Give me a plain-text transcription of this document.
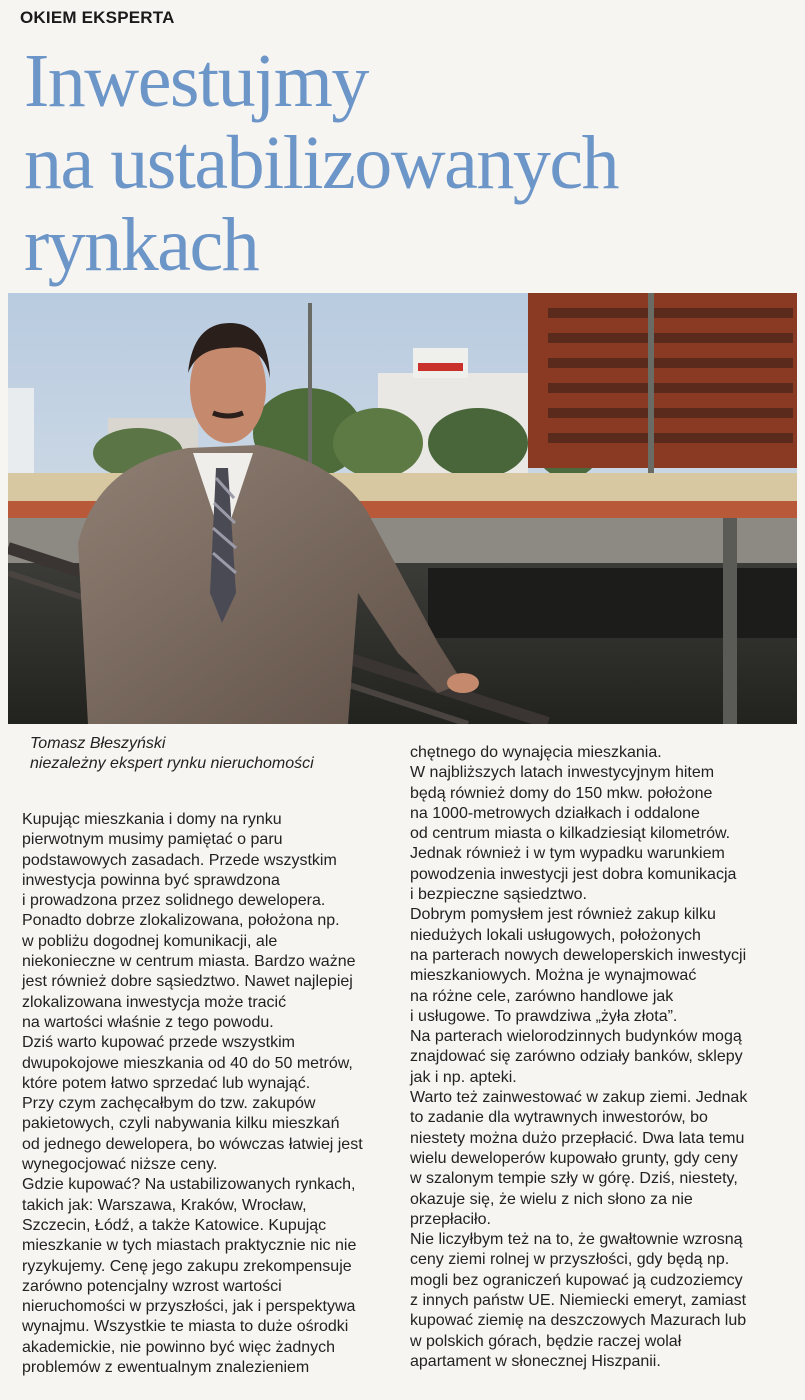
OKIEM EKSPERTA
Inwestujmy
na ustabilizowanych
rynkach
Tomasz Błeszyński
niezależny ekspert rynku nieruchomości
Kupując mieszkania i domy na rynku
pierwotnym musimy pamiętać o paru
podstawowych zasadach. Przede wszystkim
inwestycja powinna być sprawdzona
i prowadzona przez solidnego dewelopera.
Ponadto dobrze zlokalizowana, położona np.
w pobliżu dogodnej komunikacji, ale
niekonieczne w centrum miasta. Bardzo ważne
jest również dobre sąsiedztwo. Nawet najlepiej
zlokalizowana inwestycja może tracić
na wartości właśnie z tego powodu.
Dziś warto kupować przede wszystkim
dwupokojowe mieszkania od 40 do 50 metrów,
które potem łatwo sprzedać lub wynająć.
Przy czym zachęcałbym do tzw. zakupów
pakietowych, czyli nabywania kilku mieszkań
od jednego dewelopera, bo wówczas łatwiej jest
wynegocjować niższe ceny.
Gdzie kupować? Na ustabilizowanych rynkach,
takich jak: Warszawa, Kraków, Wrocław,
Szczecin, Łódź, a także Katowice. Kupując
mieszkanie w tych miastach praktycznie nic nie
ryzykujemy. Cenę jego zakupu zrekompensuje
zarówno potencjalny wzrost wartości
nieruchomości w przyszłości, jak i perspektywa
wynajmu. Wszystkie te miasta to duże ośrodki
akademickie, nie powinno być więc żadnych
problemów z ewentualnym znalezieniem
chętnego do wynajęcia mieszkania.
W najbliższych latach inwestycyjnym hitem
będą również domy do 150 mkw. położone
na 1000-metrowych działkach i oddalone
od centrum miasta o kilkadziesiąt kilometrów.
Jednak również i w tym wypadku warunkiem
powodzenia inwestycji jest dobra komunikacja
i bezpieczne sąsiedztwo.
Dobrym pomysłem jest również zakup kilku
niedużych lokali usługowych, położonych
na parterach nowych deweloperskich inwestycji
mieszkaniowych. Można je wynajmować
na różne cele, zarówno handlowe jak
i usługowe. To prawdziwa „żyła złota”.
Na parterach wielorodzinnych budynków mogą
znajdować się zarówno odziały banków, sklepy
jak i np. apteki.
Warto też zainwestować w zakup ziemi. Jednak
to zadanie dla wytrawnych inwestorów, bo
niestety można dużo przepłacić. Dwa lata temu
wielu deweloperów kupowało grunty, gdy ceny
w szalonym tempie szły w górę. Dziś, niestety,
okazuje się, że wielu z nich słono za nie
przepłaciło.
Nie liczyłbym też na to, że gwałtownie wzrosną
ceny ziemi rolnej w przyszłości, gdy będą np.
mogli bez ograniczeń kupować ją cudzoziemcy
z innych państw UE. Niemiecki emeryt, zamiast
kupować ziemię na deszczowych Mazurach lub
w polskich górach, będzie raczej wolał
apartament w słonecznej Hiszpanii.
